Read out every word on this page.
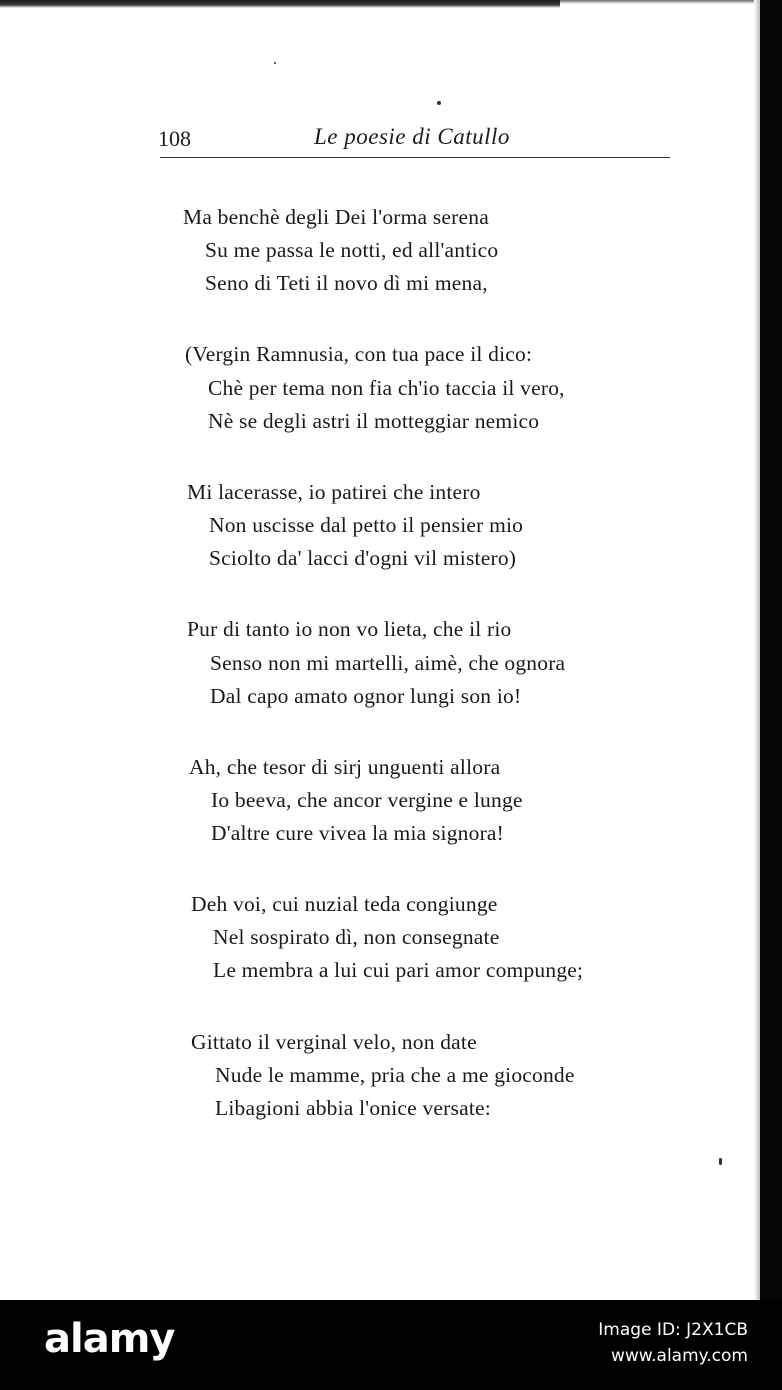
108	Le poesie di Catullo
Ma benchè degli Dei l'orma serena
Su me passa le notti, ed all'antico
Seno di Teti il novo dì mi mena,
(Vergin Ramnusia, con tua pace il dico:
Chè per tema non fia ch'io taccia il vero,
Nè se degli astri il motteggiar nemico
Mi lacerasse, io patirei che intero
Non uscisse dal petto il pensier mio
Sciolto da' lacci d'ogni vil mistero)
Pur di tanto io non vo lieta, che il rio
Senso non mi martelli, aimè, che ognora
Dal capo amato ognor lungi son io!
Ah, che tesor di sirj unguenti allora
Io beeva, che ancor vergine e lunge
D'altre cure vivea la mia signora!
Deh voi, cui nuzial teda congiunge
Nel sospirato dì, non consegnate
Le membra a lui cui pari amor compunge;
Gittato il verginal velo, non date
Nude le mamme, pria che a me gioconde
Libagioni abbia l'onice versate:
alamy	Image ID: J2X1CB
www.alamy.com
